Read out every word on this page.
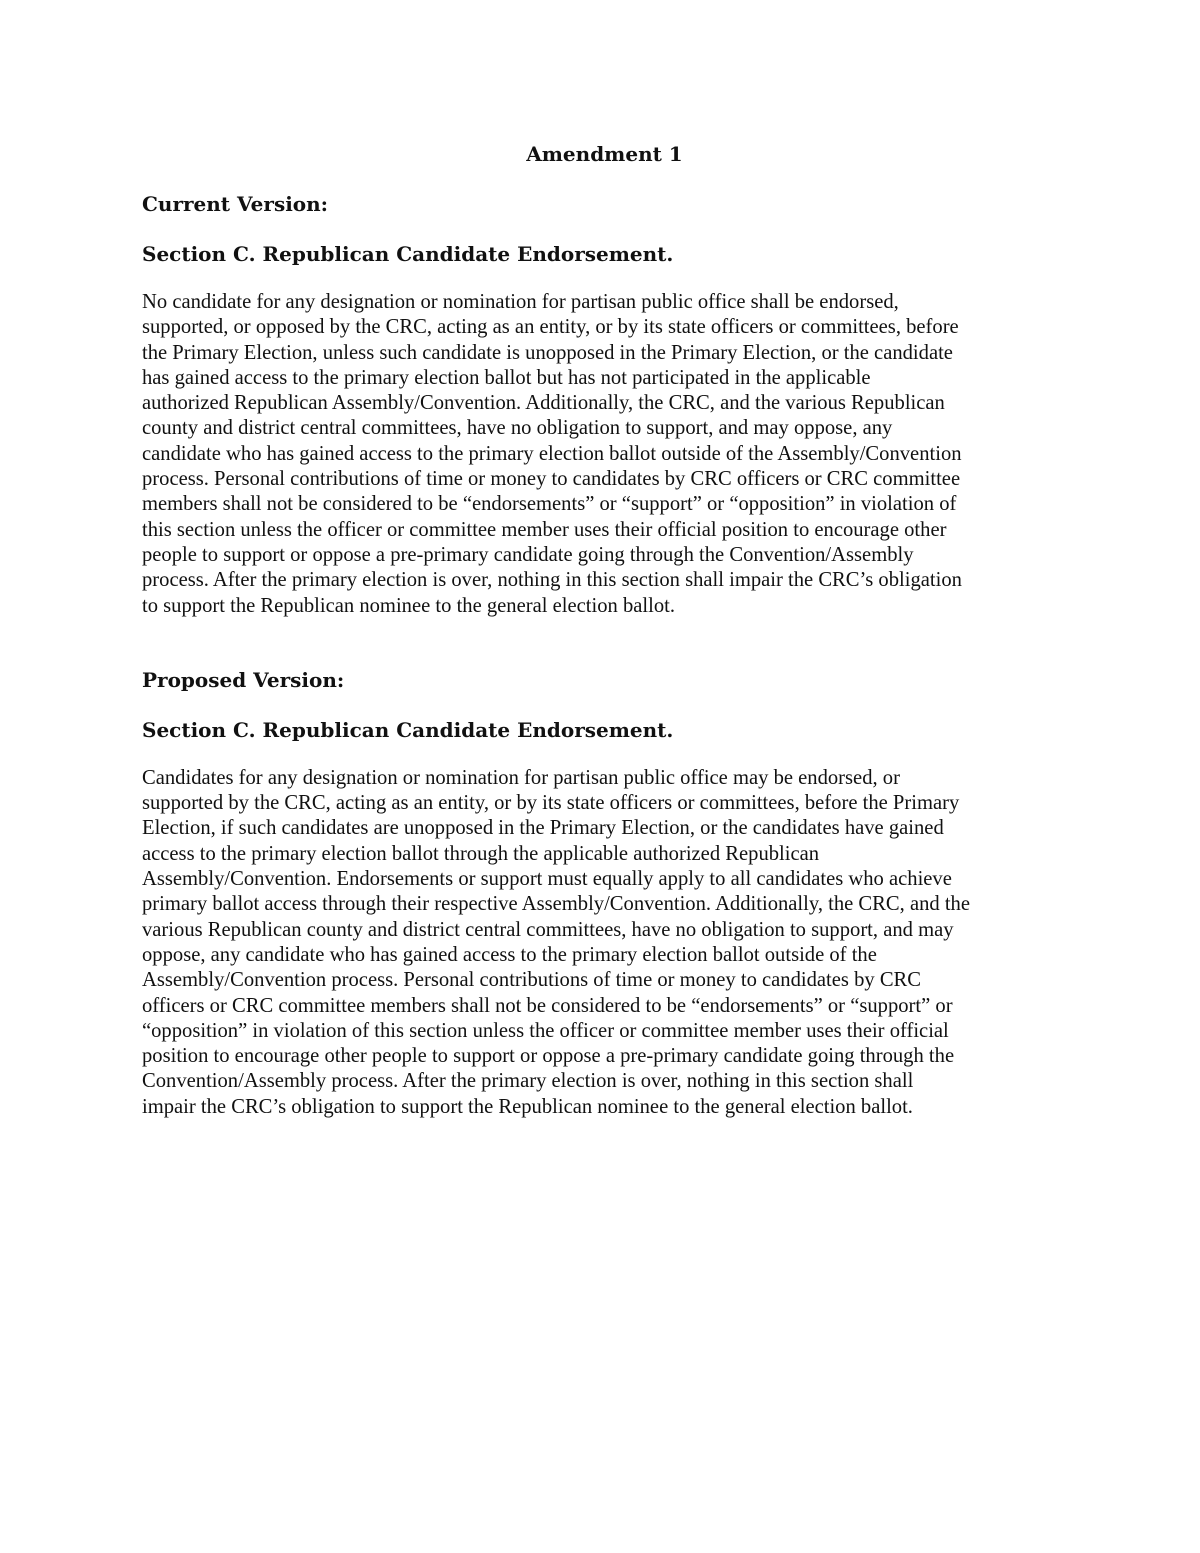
Amendment 1
Current Version:
Section C. Republican Candidate Endorsement.
No candidate for any designation or nomination for partisan public office shall be endorsed,
supported, or opposed by the CRC, acting as an entity, or by its state officers or committees, before
the Primary Election, unless such candidate is unopposed in the Primary Election, or the candidate
has gained access to the primary election ballot but has not participated in the applicable
authorized Republican Assembly/Convention. Additionally, the CRC, and the various Republican
county and district central committees, have no obligation to support, and may oppose, any
candidate who has gained access to the primary election ballot outside of the Assembly/Convention
process. Personal contributions of time or money to candidates by CRC officers or CRC committee
members shall not be considered to be “endorsements” or “support” or “opposition” in violation of
this section unless the officer or committee member uses their official position to encourage other
people to support or oppose a pre-primary candidate going through the Convention/Assembly
process. After the primary election is over, nothing in this section shall impair the CRC’s obligation
to support the Republican nominee to the general election ballot.
Proposed Version:
Section C. Republican Candidate Endorsement.
Candidates for any designation or nomination for partisan public office may be endorsed, or
supported by the CRC, acting as an entity, or by its state officers or committees, before the Primary
Election, if such candidates are unopposed in the Primary Election, or the candidates have gained
access to the primary election ballot through the applicable authorized Republican
Assembly/Convention. Endorsements or support must equally apply to all candidates who achieve
primary ballot access through their respective Assembly/Convention. Additionally, the CRC, and the
various Republican county and district central committees, have no obligation to support, and may
oppose, any candidate who has gained access to the primary election ballot outside of the
Assembly/Convention process. Personal contributions of time or money to candidates by CRC
officers or CRC committee members shall not be considered to be “endorsements” or “support” or
“opposition” in violation of this section unless the officer or committee member uses their official
position to encourage other people to support or oppose a pre-primary candidate going through the
Convention/Assembly process. After the primary election is over, nothing in this section shall
impair the CRC’s obligation to support the Republican nominee to the general election ballot.
